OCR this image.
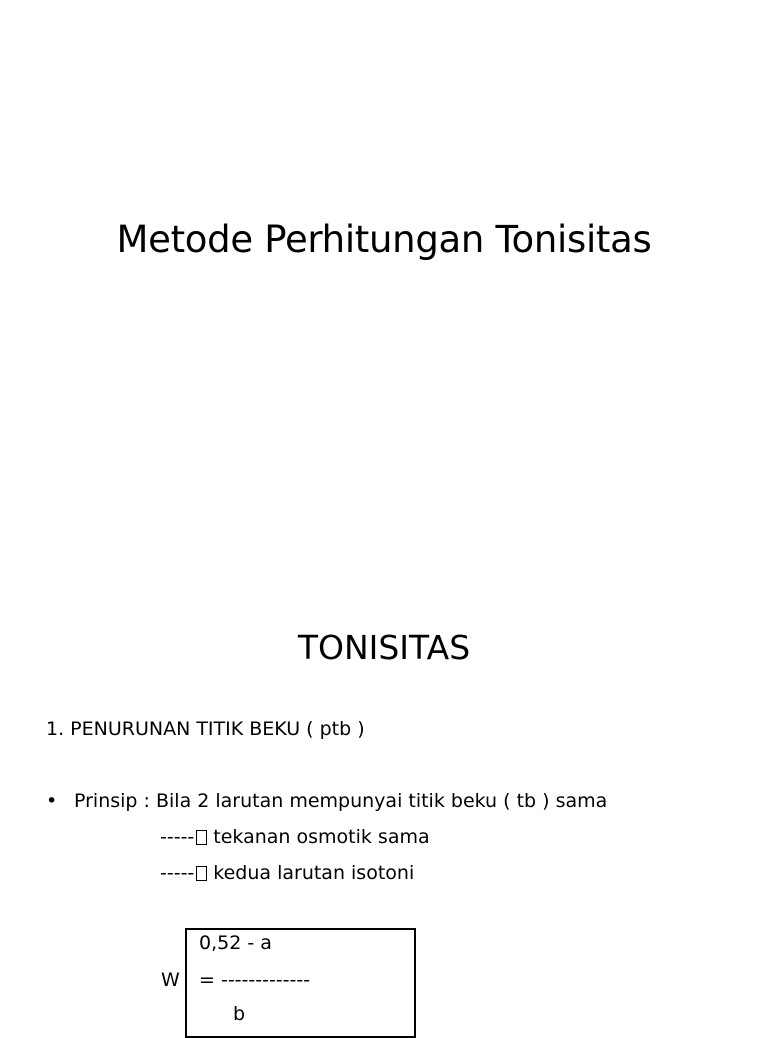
Metode Perhitungan Tonisitas
TONISITAS
1. PENURUNAN TITIK BEKU ( ptb )
• Prinsip : Bila 2 larutan mempunyai titik beku ( tb ) sama
----- tekanan osmotik sama
----- kedua larutan isotoni
0,52 - a
W = -------------
b
